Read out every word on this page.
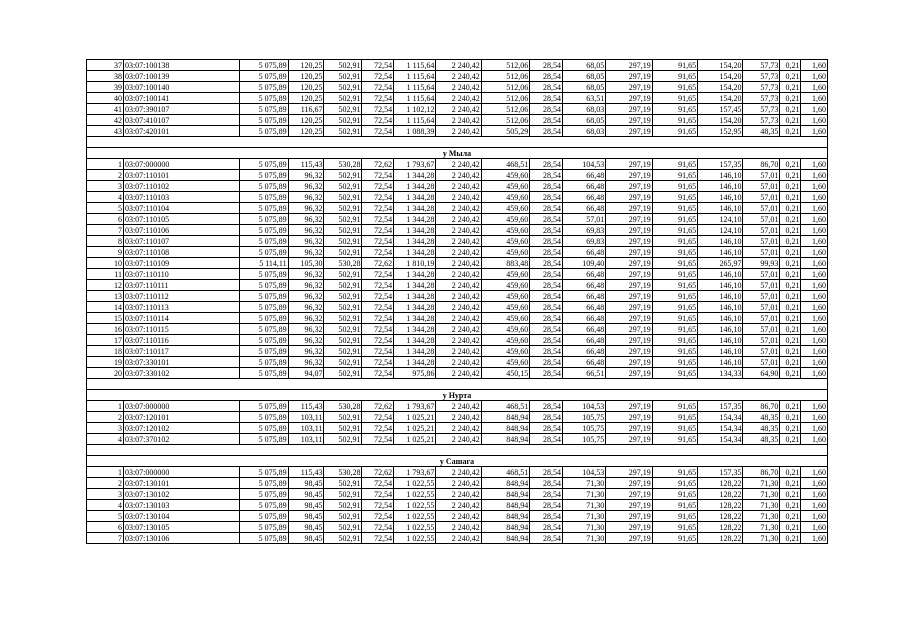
37	03:07:100138	5 075,89	120,25	502,91	72,54	1 115,64	2 240,42	512,06	28,54	68,05	297,19	91,65	154,20	57,73	0,21	1,60
38	03:07:100139	5 075,89	120,25	502,91	72,54	1 115,64	2 240,42	512,06	28,54	68,05	297,19	91,65	154,20	57,73	0,21	1,60
39	03:07:100140	5 075,89	120,25	502,91	72,54	1 115,64	2 240,42	512,06	28,54	68,05	297,19	91,65	154,20	57,73	0,21	1,60
40	03:07:100141	5 075,89	120,25	502,91	72,54	1 115,64	2 240,42	512,06	28,54	63,51	297,19	91,65	154,20	57,73	0,21	1,60
41	03:07:390107	5 075,89	116,67	502,91	72,54	1 102,12	2 240,42	512,06	28,54	68,03	297,19	91,65	157,45	57,73	0,21	1,60
42	03:07:410107	5 075,89	120,25	502,91	72,54	1 115,64	2 240,42	512,06	28,54	68,05	297,19	91,65	154,20	57,73	0,21	1,60
43	03:07:420101	5 075,89	120,25	502,91	72,54	1 088,39	2 240,42	505,29	28,54	68,03	297,19	91,65	152,95	48,35	0,21	1,60

у Мыла																
1	03:07:000000	5 075,89	115,43	530,28	72,62	1 793,67	2 240,42	468,51	28,54	104,53	297,19	91,65	157,35	86,70	0,21	1,60
2	03:07:110101	5 075,89	96,32	502,91	72,54	1 344,28	2 240,42	459,60	28,54	66,48	297,19	91,65	146,10	57,01	0,21	1,60
3	03:07:110102	5 075,89	96,32	502,91	72,54	1 344,28	2 240,42	459,60	28,54	66,48	297,19	91,65	146,10	57,01	0,21	1,60
4	03:07:110103	5 075,89	96,32	502,91	72,54	1 344,28	2 240,42	459,60	28,54	66,48	297,19	91,65	146,10	57,01	0,21	1,60
5	03:07:110104	5 075,89	96,32	502,91	72,54	1 344,28	2 240,42	459,60	28,54	66,48	297,19	91,65	146,10	57,01	0,21	1,60
6	03:07:110105	5 075,89	96,32	502,91	72,54	1 344,28	2 240,42	459,60	28,54	57,01	297,19	91,65	124,10	57,01	0,21	1,60
7	03:07:110106	5 075,89	96,32	502,91	72,54	1 344,28	2 240,42	459,60	28,54	69,83	297,19	91,65	124,10	57,01	0,21	1,60
8	03:07:110107	5 075,89	96,32	502,91	72,54	1 344,28	2 240,42	459,60	28,54	69,83	297,19	91,65	146,10	57,01	0,21	1,60
9	03:07:110108	5 075,89	96,32	502,91	72,54	1 344,28	2 240,42	459,60	28,54	66,48	297,19	91,65	146,10	57,01	0,21	1,60
10	03:07:110109	5 114,11	105,30	530,28	72,62	1 810,19	2 240,42	883,48	28,54	109,40	297,19	91,65	265,97	99,93	0,21	1,60
11	03:07:110110	5 075,89	96,32	502,91	72,54	1 344,28	2 240,42	459,60	28,54	66,48	297,19	91,65	146,10	57,01	0,21	1,60
12	03:07:110111	5 075,89	96,32	502,91	72,54	1 344,28	2 240,42	459,60	28,54	66,48	297,19	91,65	146,10	57,01	0,21	1,60
13	03:07:110112	5 075,89	96,32	502,91	72,54	1 344,28	2 240,42	459,60	28,54	66,48	297,19	91,65	146,10	57,01	0,21	1,60
14	03:07:110113	5 075,89	96,32	502,91	72,54	1 344,28	2 240,42	459,60	28,54	66,48	297,19	91,65	146,10	57,01	0,21	1,60
15	03:07:110114	5 075,89	96,32	502,91	72,54	1 344,28	2 240,42	459,60	28,54	66,48	297,19	91,65	146,10	57,01	0,21	1,60
16	03:07:110115	5 075,89	96,32	502,91	72,54	1 344,28	2 240,42	459,60	28,54	66,48	297,19	91,65	146,10	57,01	0,21	1,60
17	03:07:110116	5 075,89	96,32	502,91	72,54	1 344,28	2 240,42	459,60	28,54	66,48	297,19	91,65	146,10	57,01	0,21	1,60
18	03:07:110117	5 075,89	96,32	502,91	72,54	1 344,28	2 240,42	459,60	28,54	66,48	297,19	91,65	146,10	57,01	0,21	1,60
19	03:07:330101	5 075,89	96,32	502,91	72,54	1 344,28	2 240,42	459,60	28,54	66,48	297,19	91,65	146,10	57,01	0,21	1,60
20	03:07:330102	5 075,89	94,07	502,91	72,54	975,86	2 240,42	450,15	28,54	66,51	297,19	91,65	134,33	64,90	0,21	1,60

у Нурта																
1	03:07:000000	5 075,89	115,43	530,28	72,62	1 793,67	2 240,42	468,51	28,54	104,53	297,19	91,65	157,35	86,70	0,21	1,60
2	03:07:120101	5 075,89	103,11	502,91	72,54	1 025,21	2 240,42	848,94	28,54	105,75	297,19	91,65	154,34	48,35	0,21	1,60
3	03:07:120102	5 075,89	103,11	502,91	72,54	1 025,21	2 240,42	848,94	28,54	105,75	297,19	91,65	154,34	48,35	0,21	1,60
4	03:07:370102	5 075,89	103,11	502,91	72,54	1 025,21	2 240,42	848,94	28,54	105,75	297,19	91,65	154,34	48,35	0,21	1,60

у Сашага																
1	03:07:000000	5 075,89	115,43	530,28	72,62	1 793,67	2 240,42	468,51	28,54	104,53	297,19	91,65	157,35	86,70	0,21	1,60
2	03:07:130101	5 075,89	98,45	502,91	72,54	1 022,55	2 240,42	848,94	28,54	71,30	297,19	91,65	128,22	71,30	0,21	1,60
3	03:07:130102	5 075,89	98,45	502,91	72,54	1 022,55	2 240,42	848,94	28,54	71,30	297,19	91,65	128,22	71,30	0,21	1,60
4	03:07:130103	5 075,89	98,45	502,91	72,54	1 022,55	2 240,42	848,94	28,54	71,30	297,19	91,65	128,22	71,30	0,21	1,60
5	03:07:130104	5 075,89	98,45	502,91	72,54	1 022,55	2 240,42	848,94	28,54	71,30	297,19	91,65	128,22	71,30	0,21	1,60
6	03:07:130105	5 075,89	98,45	502,91	72,54	1 022,55	2 240,42	848,94	28,54	71,30	297,19	91,65	128,22	71,30	0,21	1,60
7	03:07:130106	5 075,89	98,45	502,91	72,54	1 022,55	2 240,42	848,94	28,54	71,30	297,19	91,65	128,22	71,30	0,21	1,60
